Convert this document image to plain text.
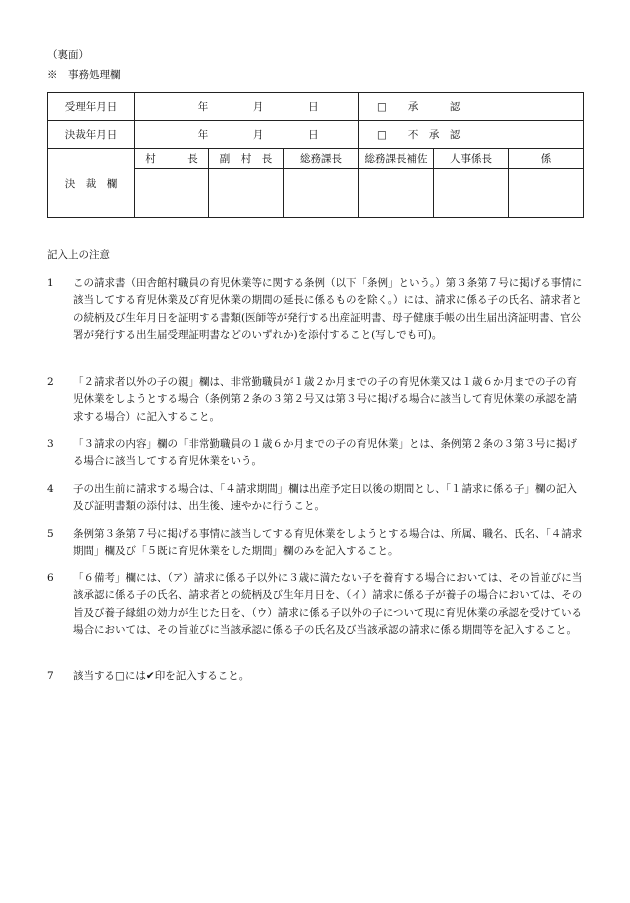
（裏面）
※　事務処理欄
受理年月日	年 月 日			□　　承　　　認		
決裁年月日	年 月 日			□　　不　承　認		
決　裁　欄	村　　　長	副　村　長	総務課長	総務課長補佐	人事係長	係

記入上の注意
1	この請求書（田舎館村職員の育児休業等に関する条例（以下「条例」という。）第３条第７号に掲げる事情に該当してする育児休業及び育児休業の期間の延長に係るものを除く。）には、請求に係る子の氏名、請求者との続柄及び生年月日を証明する書類(医師等が発行する出産証明書、母子健康手帳の出生届出済証明書、官公署が発行する出生届受理証明書などのいずれか)を添付すること(写しでも可)。
2	「２請求者以外の子の親」欄は、非常勤職員が１歳２か月までの子の育児休業又は１歳６か月までの子の育児休業をしようとする場合（条例第２条の３第２号又は第３号に掲げる場合に該当して育児休業の承認を請求する場合）に記入すること。
3	「３請求の内容」欄の「非常勤職員の１歳６か月までの子の育児休業」とは、条例第２条の３第３号に掲げる場合に該当してする育児休業をいう。
4	子の出生前に請求する場合は、「４請求期間」欄は出産予定日以後の期間とし、「１請求に係る子」欄の記入及び証明書類の添付は、出生後、速やかに行うこと。
5	条例第３条第７号に掲げる事情に該当してする育児休業をしようとする場合は、所属、職名、氏名、「４請求期間」欄及び「５既に育児休業をした期間」欄のみを記入すること。
6	「６備考」欄には、（ア）請求に係る子以外に３歳に満たない子を養育する場合においては、その旨並びに当該承認に係る子の氏名、請求者との続柄及び生年月日を、（イ）請求に係る子が養子の場合においては、その旨及び養子縁組の効力が生じた日を、（ウ）請求に係る子以外の子について現に育児休業の承認を受けている場合においては、その旨並びに当該承認に係る子の氏名及び当該承認の請求に係る期間等を記入すること。
7	該当する□には✔印を記入すること。
